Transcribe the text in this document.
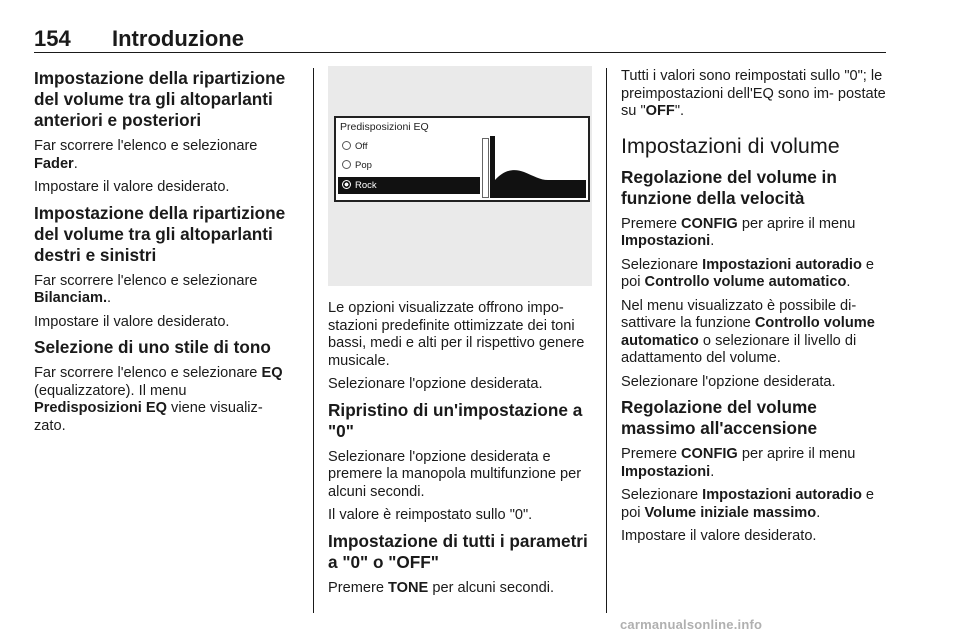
154 Introduzione
Impostazione della ripartizione del volume tra gli altoparlanti anteriori e posteriori

Far scorrere l'elenco e selezionare Fader.

Impostare il valore desiderato.

Impostazione della ripartizione del volume tra gli altoparlanti destri e sinistri

Far scorrere l'elenco e selezionare Bilanciam..

Impostare il valore desiderato.

Selezione di uno stile di tono

Far scorrere l'elenco e selezionare EQ (equalizzatore). Il menu Predisposizioni EQ viene visualiz- zato.

Predisposizioni EQ
Off
Pop
Rock

Le opzioni visualizzate offrono impo- stazioni predefinite ottimizzate dei toni bassi, medi e alti per il rispettivo genere musicale.

Selezionare l'opzione desiderata.

Ripristino di un'impostazione a "0"

Selezionare l'opzione desiderata e premere la manopola multifunzione per alcuni secondi.

Il valore è reimpostato sullo "0".

Impostazione di tutti i parametri a "0" o "OFF"

Premere TONE per alcuni secondi.

Tutti i valori sono reimpostati sullo "0"; le preimpostazioni dell'EQ sono im- postate su "OFF".

Impostazioni di volume
Regolazione del volume in funzione della velocità

Premere CONFIG per aprire il menu Impostazioni.

Selezionare Impostazioni autoradio e poi Controllo volume automatico.

Nel menu visualizzato è possibile di- sattivare la funzione Controllo volume automatico o selezionare il livello di adattamento del volume.

Selezionare l'opzione desiderata.

Regolazione del volume massimo all'accensione

Premere CONFIG per aprire il menu Impostazioni.

Selezionare Impostazioni autoradio e poi Volume iniziale massimo.

Impostare il valore desiderato.

carmanualsonline.info
